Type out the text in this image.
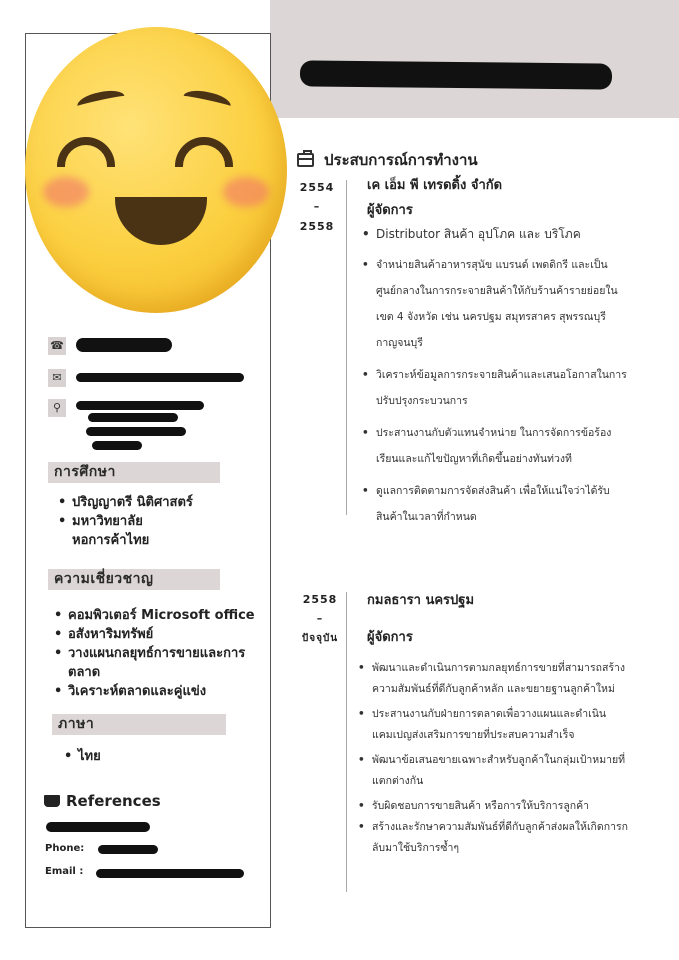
☎
✉
⚲
การศึกษา
• ปริญญาตรี นิติศาสตร์
• มหาวิทยาลัย หอการค้าไทย
ความเชี่ยวชาญ
• คอมพิวเตอร์ Microsoft office
• อสังหาริมทรัพย์
• วางแผนกลยุทธ์การขายและการตลาด
• วิเคราะห์ตลาดและคู่แข่ง
ภาษา
• ไทย
References
Phone:
Email :
ประสบการณ์การทำงาน
2554
–
2558
เค เอ็ม พี เทรดดิ้ง จำกัด
ผู้จัดการ
• Distributor สินค้า อุปโภค และ บริโภค
• จำหน่ายสินค้าอาหารสุนัข แบรนด์ เพดดิกรี และเป็นศูนย์กลางในการกระจายสินค้าให้กับร้านค้ารายย่อยในเขต 4 จังหวัด เช่น นครปฐม สมุทรสาคร สุพรรณบุรี กาญจนบุรี
• วิเคราะห์ข้อมูลการกระจายสินค้าและเสนอโอกาสในการปรับปรุงกระบวนการ
• ประสานงานกับตัวแทนจำหน่าย ในการจัดการข้อร้องเรียนและแก้ไขปัญหาที่เกิดขึ้นอย่างทันท่วงที
• ดูแลการติดตามการจัดส่งสินค้า เพื่อให้แน่ใจว่าได้รับสินค้าในเวลาที่กำหนด
2558
–
ปัจจุบัน
กมลธารา นครปฐม
ผู้จัดการ
• พัฒนาและดำเนินการตามกลยุทธ์การขายที่สามารถสร้างความสัมพันธ์ที่ดีกับลูกค้าหลัก และขยายฐานลูกค้าใหม่
• ประสานงานกับฝ่ายการตลาดเพื่อวางแผนและดำเนินแคมเปญส่งเสริมการขายที่ประสบความสำเร็จ
• พัฒนาข้อเสนอขายเฉพาะสำหรับลูกค้าในกลุ่มเป้าหมายที่แตกต่างกัน
• รับผิดชอบการขายสินค้า หรือการให้บริการลูกค้า
• สร้างและรักษาความสัมพันธ์ที่ดีกับลูกค้าส่งผลให้เกิดการกลับมาใช้บริการซ้ำๆ
